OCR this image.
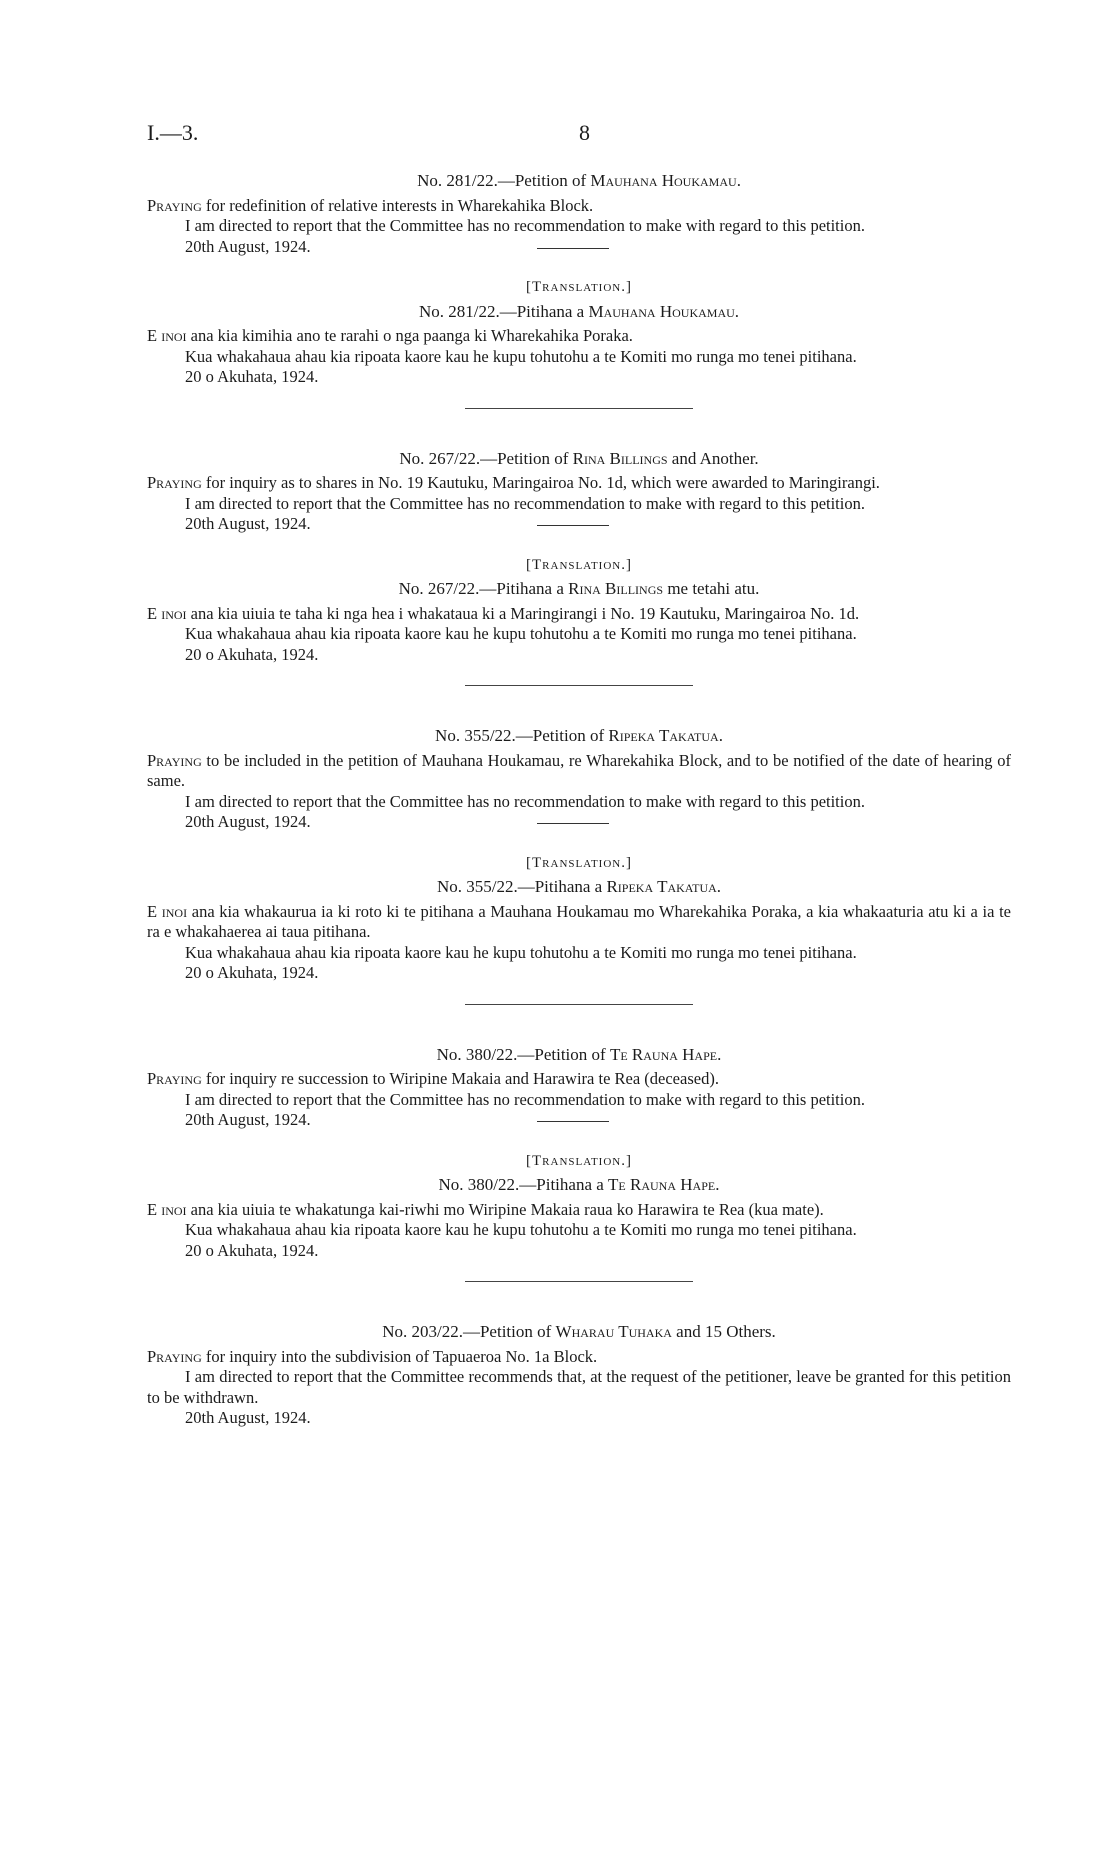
I.—3.	8
No. 281/22.—Petition of Mauhana Houkamau.

Praying for redefinition of relative interests in Wharekahika Block.

I am directed to report that the Committee has no recommendation to make with regard to this petition.

20th August, 1924.

[Translation.]
No. 281/22.—Pitihana a Mauhana Houkamau.

E inoi ana kia kimihia ano te rarahi o nga paanga ki Wharekahika Poraka.

Kua whakahaua ahau kia ripoata kaore kau he kupu tohutohu a te Komiti mo runga mo tenei pitihana.

20 o Akuhata, 1924.

No. 267/22.—Petition of Rina Billings and Another.

Praying for inquiry as to shares in No. 19 Kautuku, Maringairoa No. 1d, which were awarded to Maringirangi.

I am directed to report that the Committee has no recommendation to make with regard to this petition.

20th August, 1924.

[Translation.]
No. 267/22.—Pitihana a Rina Billings me tetahi atu.

E inoi ana kia uiuia te taha ki nga hea i whakataua ki a Maringirangi i No. 19 Kautuku, Maringairoa No. 1d.

Kua whakahaua ahau kia ripoata kaore kau he kupu tohutohu a te Komiti mo runga mo tenei pitihana.

20 o Akuhata, 1924.

No. 355/22.—Petition of Ripeka Takatua.

Praying to be included in the petition of Mauhana Houkamau, re Wharekahika Block, and to be notified of the date of hearing of same.

I am directed to report that the Committee has no recommendation to make with regard to this petition.

20th August, 1924.

[Translation.]
No. 355/22.—Pitihana a Ripeka Takatua.

E inoi ana kia whakaurua ia ki roto ki te pitihana a Mauhana Houkamau mo Wharekahika Poraka, a kia whakaaturia atu ki a ia te ra e whakahaerea ai taua pitihana.

Kua whakahaua ahau kia ripoata kaore kau he kupu tohutohu a te Komiti mo runga mo tenei pitihana.

20 o Akuhata, 1924.

No. 380/22.—Petition of Te Rauna Hape.

Praying for inquiry re succession to Wiripine Makaia and Harawira te Rea (deceased).

I am directed to report that the Committee has no recommendation to make with regard to this petition.

20th August, 1924.

[Translation.]
No. 380/22.—Pitihana a Te Rauna Hape.

E inoi ana kia uiuia te whakatunga kai-riwhi mo Wiripine Makaia raua ko Harawira te Rea (kua mate).

Kua whakahaua ahau kia ripoata kaore kau he kupu tohutohu a te Komiti mo runga mo tenei pitihana.

20 o Akuhata, 1924.

No. 203/22.—Petition of Wharau Tuhaka and 15 Others.

Praying for inquiry into the subdivision of Tapuaeroa No. 1a Block.

I am directed to report that the Committee recommends that, at the request of the petitioner, leave be granted for this petition to be withdrawn.

20th August, 1924.
